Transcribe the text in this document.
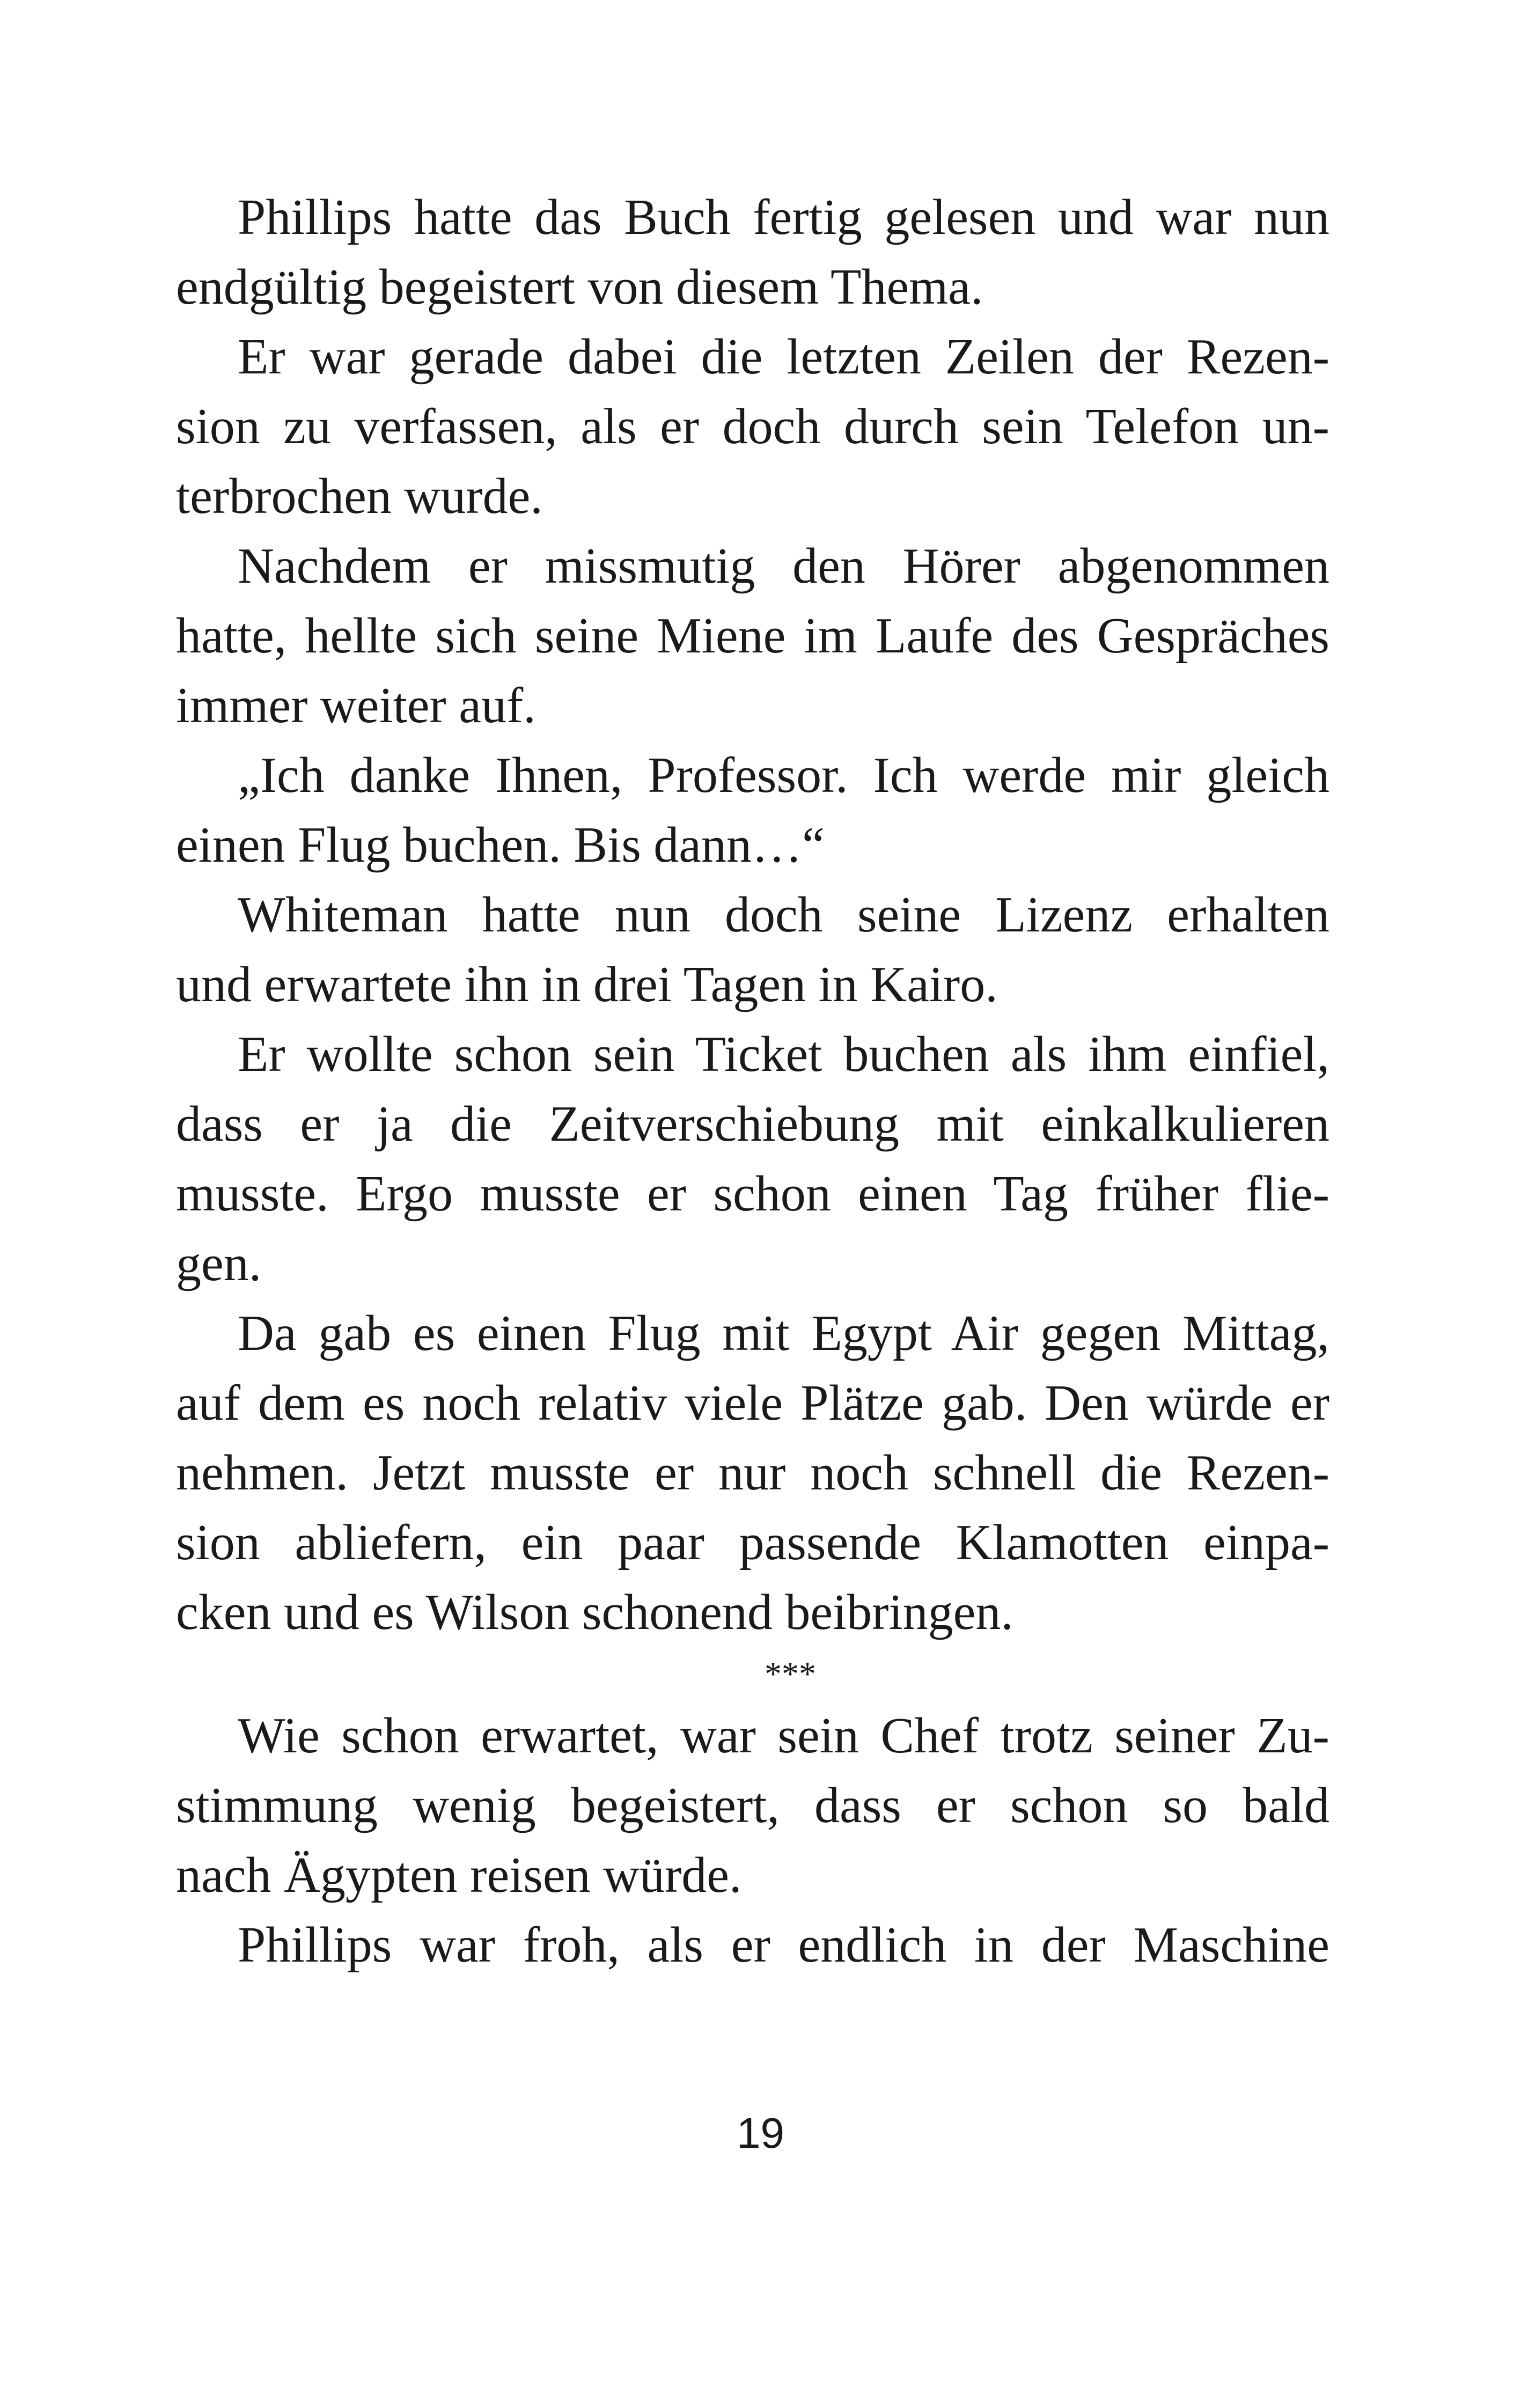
Phillips hatte das Buch fertig gelesen und war nun
endgültig begeistert von diesem Thema.
Er war gerade dabei die letzten Zeilen der Rezen-
sion zu verfassen, als er doch durch sein Telefon un-
terbrochen wurde.
Nachdem er missmutig den Hörer abgenommen
hatte, hellte sich seine Miene im Laufe des Gespräches
immer weiter auf.
„Ich danke Ihnen, Professor. Ich werde mir gleich
einen Flug buchen. Bis dann…“
Whiteman hatte nun doch seine Lizenz erhalten
und erwartete ihn in drei Tagen in Kairo.
Er wollte schon sein Ticket buchen als ihm einfiel,
dass er ja die Zeitverschiebung mit einkalkulieren
musste. Ergo musste er schon einen Tag früher flie-
gen.
Da gab es einen Flug mit Egypt Air gegen Mittag,
auf dem es noch relativ viele Plätze gab. Den würde er
nehmen. Jetzt musste er nur noch schnell die Rezen-
sion abliefern, ein paar passende Klamotten einpa-
cken und es Wilson schonend beibringen.
***
Wie schon erwartet, war sein Chef trotz seiner Zu-
stimmung wenig begeistert, dass er schon so bald
nach Ägypten reisen würde.
Phillips war froh, als er endlich in der Maschine
19
